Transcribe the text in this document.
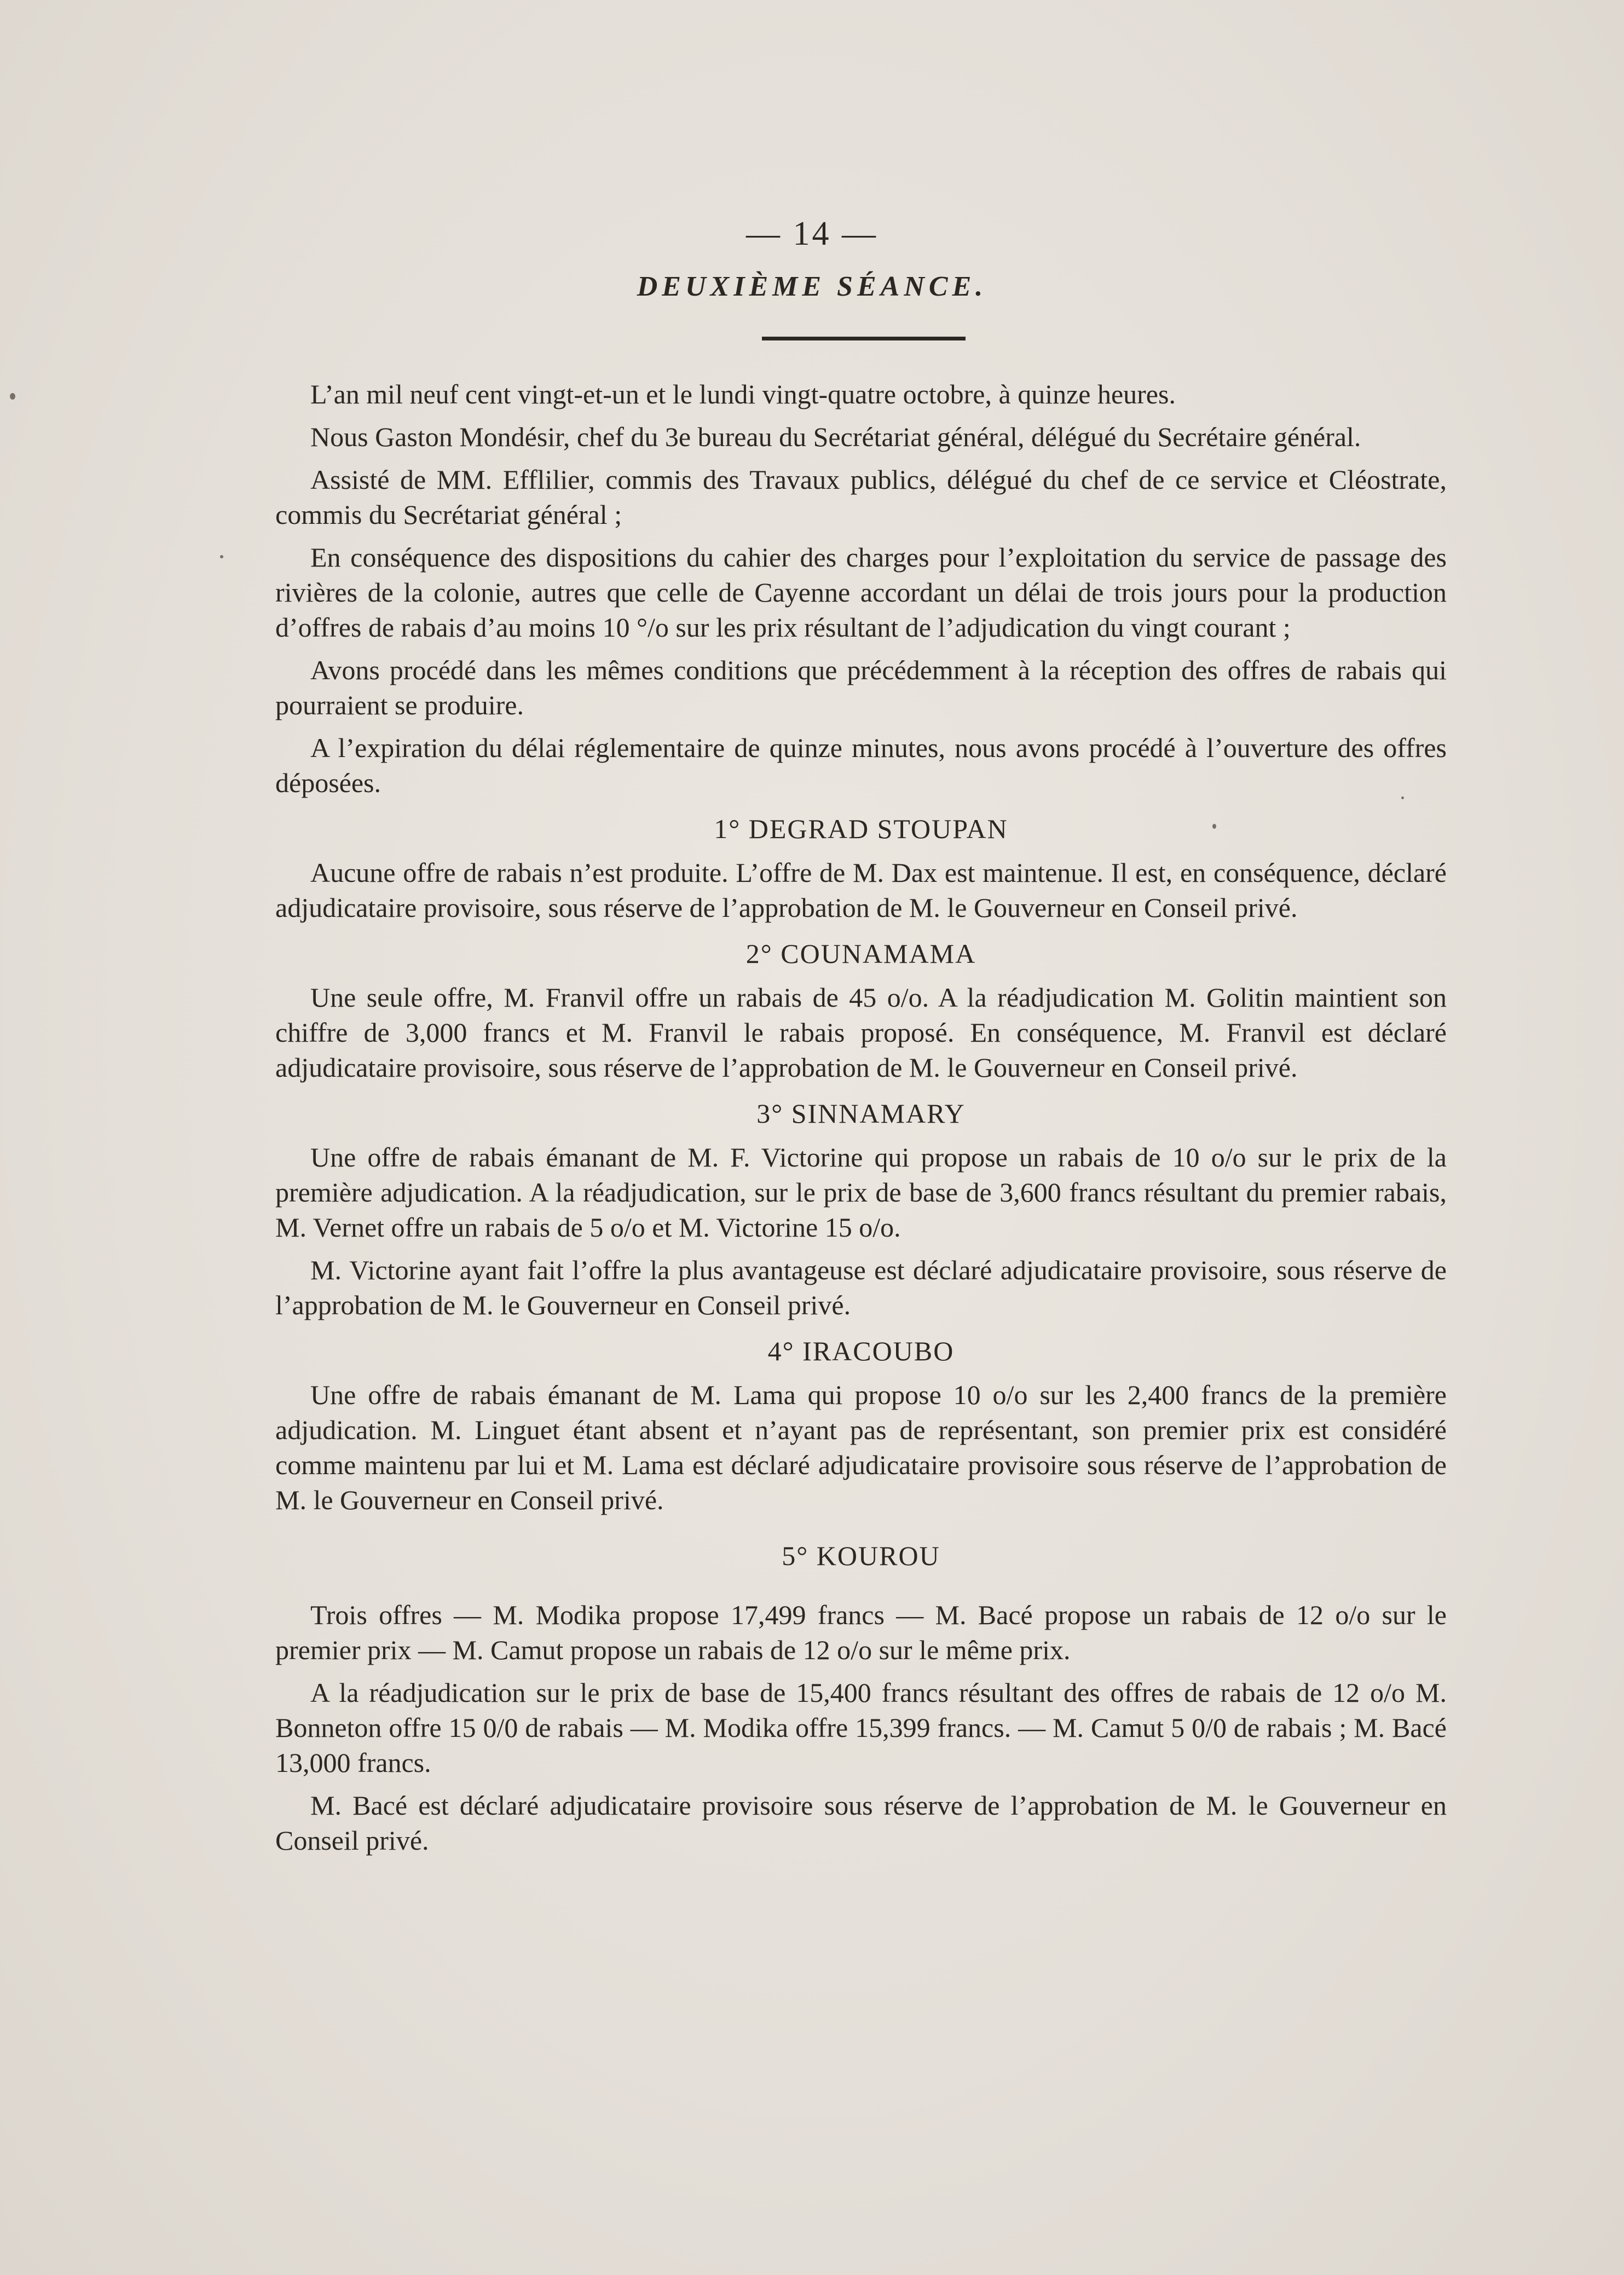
— 14 —
DEUXIÈME SÉANCE.

L’an mil neuf cent vingt-et-un et le lundi vingt-quatre octobre, à quinze heures.

Nous Gaston Mondésir, chef du 3e bureau du Secrétariat général, délégué du Secrétaire général.

Assisté de MM. Efflilier, commis des Travaux publics, délégué du chef de ce service et Cléostrate, commis du Secrétariat général ;

En conséquence des dispositions du cahier des charges pour l’exploitation du service de passage des rivières de la colonie, autres que celle de Cayenne accordant un délai de trois jours pour la production d’offres de rabais d’au moins 10 °/o sur les prix résultant de l’adjudication du vingt courant ;

Avons procédé dans les mêmes conditions que précédemment à la réception des offres de rabais qui pourraient se produire.

A l’expiration du délai réglementaire de quinze minutes, nous avons procédé à l’ouverture des offres déposées.

1° DEGRAD STOUPAN

Aucune offre de rabais n’est produite. L’offre de M. Dax est maintenue. Il est, en conséquence, déclaré adjudicataire provisoire, sous réserve de l’approbation de M. le Gouverneur en Conseil privé.

2° COUNAMAMA

Une seule offre, M. Franvil offre un rabais de 45 o/o. A la réadjudication M. Golitin maintient son chiffre de 3,000 francs et M. Franvil le rabais proposé. En conséquence, M. Franvil est déclaré adjudicataire provisoire, sous réserve de l’approbation de M. le Gouverneur en Conseil privé.

3° SINNAMARY

Une offre de rabais émanant de M. F. Victorine qui propose un rabais de 10 o/o sur le prix de la première adjudication. A la réadjudication, sur le prix de base de 3,600 francs résultant du premier rabais, M. Vernet offre un rabais de 5 o/o et M. Victorine 15 o/o.

M. Victorine ayant fait l’offre la plus avantageuse est déclaré adjudicataire provisoire, sous réserve de l’approbation de M. le Gouverneur en Conseil privé.

4° IRACOUBO

Une offre de rabais émanant de M. Lama qui propose 10 o/o sur les 2,400 francs de la première adjudication. M. Linguet étant absent et n’ayant pas de représentant, son premier prix est considéré comme maintenu par lui et M. Lama est déclaré adjudicataire provisoire sous réserve de l’approbation de M. le Gouverneur en Conseil privé.

5° KOUROU

Trois offres — M. Modika propose 17,499 francs — M. Bacé propose un rabais de 12 o/o sur le premier prix — M. Camut propose un rabais de 12 o/o sur le même prix.

A la réadjudication sur le prix de base de 15,400 francs résultant des offres de rabais de 12 o/o M. Bonneton offre 15 0/0 de rabais — M. Modika offre 15,399 francs. — M. Camut 5 0/0 de rabais ; M. Bacé 13,000 francs.

M. Bacé est déclaré adjudicataire provisoire sous réserve de l’approbation de M. le Gouverneur en Conseil privé.
